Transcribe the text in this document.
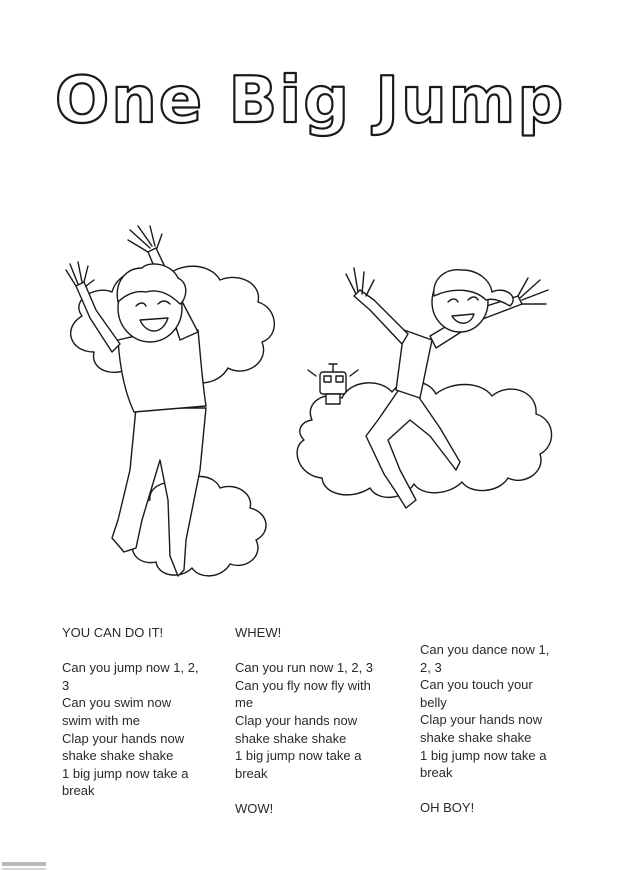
One Big Jump

YOU CAN DO IT!

Can you jump now 1, 2,

3

Can you swim now

swim with me

Clap your hands now

shake shake shake

1 big jump now take a

break

WHEW!

Can you run now 1, 2, 3

Can you fly now fly with

me

Clap your hands now

shake shake shake

1 big jump now take a

break

WOW!

Can you dance now 1,

2, 3

Can you touch your

belly

Clap your hands now

shake shake shake

1 big jump now take a

break

OH BOY!
